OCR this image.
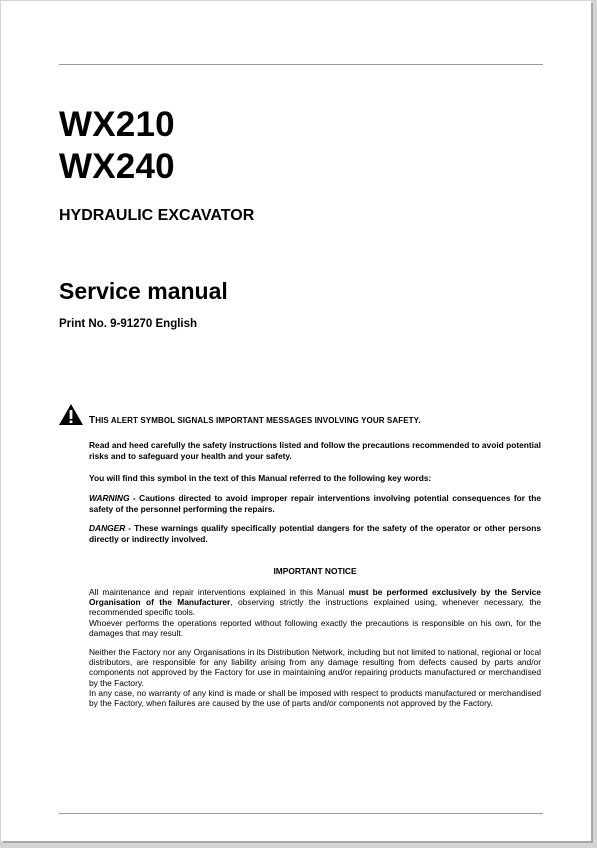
WX210
WX240
HYDRAULIC EXCAVATOR
Service manual
Print No. 9-91270 English
THIS ALERT SYMBOL SIGNALS IMPORTANT MESSAGES INVOLVING YOUR SAFETY.
Read and heed carefully the safety instructions listed and follow the precautions recommended to avoid potential risks and to safeguard your health and your safety.
You will find this symbol in the text of this Manual referred to the following key words:
WARNING - Cautions directed to avoid improper repair interventions involving potential consequences for the safety of the personnel performing the repairs.
DANGER - These warnings qualify specifically potential dangers for the safety of the operator or other persons directly or indirectly involved.
IMPORTANT NOTICE
All maintenance and repair interventions explained in this Manual must be performed exclusively by the Service Organisation of the Manufacturer, observing strictly the instructions explained using, whenever necessary, the recommended specific tools.
Whoever performs the operations reported without following exactly the precautions is responsible on his own, for the damages that may result.
Neither the Factory nor any Organisations in its Distribution Network, including but not limited to national, regional or local distributors, are responsible for any liability arising from any damage resulting from defects caused by parts and/or components not approved by the Factory for use in maintaining and/or repairing products manufactured or merchandised by the Factory.
In any case, no warranty of any kind is made or shall be imposed with respect to products manufactured or merchandised by the Factory, when failures are caused by the use of parts and/or components not approved by the Factory.
